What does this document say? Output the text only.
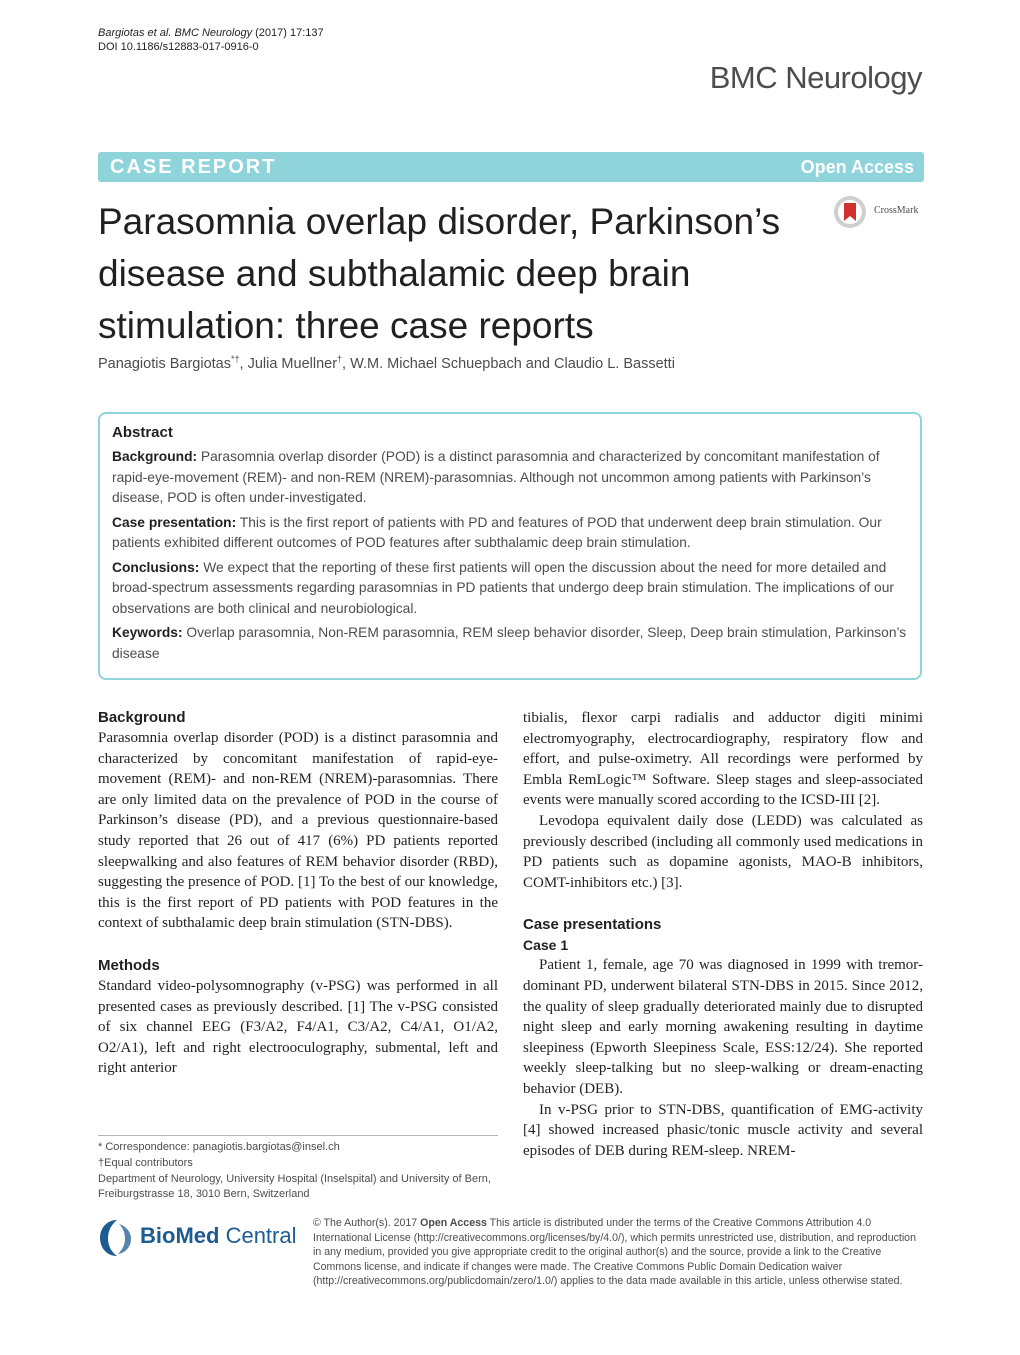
Bargiotas et al. BMC Neurology (2017) 17:137
DOI 10.1186/s12883-017-0916-0
BMC Neurology
CASE REPORT	Open Access
Parasomnia overlap disorder, Parkinson’s disease and subthalamic deep brain stimulation: three case reports
CrossMark
Panagiotis Bargiotas*†, Julia Muellner†, W.M. Michael Schuepbach and Claudio L. Bassetti
Abstract

Background: Parasomnia overlap disorder (POD) is a distinct parasomnia and characterized by concomitant manifestation of rapid-eye-movement (REM)- and non-REM (NREM)-parasomnias. Although not uncommon among patients with Parkinson’s disease, POD is often under-investigated.

Case presentation: This is the first report of patients with PD and features of POD that underwent deep brain stimulation. Our patients exhibited different outcomes of POD features after subthalamic deep brain stimulation.

Conclusions: We expect that the reporting of these first patients will open the discussion about the need for more detailed and broad-spectrum assessments regarding parasomnias in PD patients that undergo deep brain stimulation. The implications of our observations are both clinical and neurobiological.

Keywords: Overlap parasomnia, Non-REM parasomnia, REM sleep behavior disorder, Sleep, Deep brain stimulation, Parkinson’s disease

Background

Parasomnia overlap disorder (POD) is a distinct parasomnia and characterized by concomitant manifestation of rapid-eye-movement (REM)- and non-REM (NREM)-parasomnias. There are only limited data on the prevalence of POD in the course of Parkinson’s disease (PD), and a previous questionnaire-based study reported that 26 out of 417 (6%) PD patients reported sleepwalking and also features of REM behavior disorder (RBD), suggesting the presence of POD. [1] To the best of our knowledge, this is the first report of PD patients with POD features in the context of subthalamic deep brain stimulation (STN-DBS).

Methods

Standard video-polysomnography (v-PSG) was performed in all presented cases as previously described. [1] The v-PSG consisted of six channel EEG (F3/A2, F4/A1, C3/A2, C4/A1, O1/A2, O2/A1), left and right electrooculography, submental, left and right anterior

tibialis, flexor carpi radialis and adductor digiti minimi electromyography, electrocardiography, respiratory flow and effort, and pulse-oximetry. All recordings were performed by Embla RemLogic™ Software. Sleep stages and sleep-associated events were manually scored according to the ICSD-III [2].

Levodopa equivalent daily dose (LEDD) was calculated as previously described (including all commonly used medications in PD patients such as dopamine agonists, MAO-B inhibitors, COMT-inhibitors etc.) [3].

Case presentations
Case 1

Patient 1, female, age 70 was diagnosed in 1999 with tremor-dominant PD, underwent bilateral STN-DBS in 2015. Since 2012, the quality of sleep gradually deteriorated mainly due to disrupted night sleep and early morning awakening resulting in daytime sleepiness (Epworth Sleepiness Scale, ESS:12/24). She reported weekly sleep-talking but no sleep-walking or dream-enacting behavior (DEB).

In v-PSG prior to STN-DBS, quantification of EMG-activity [4] showed increased phasic/tonic muscle activity and several episodes of DEB during REM-sleep. NREM-

* Correspondence: panagiotis.bargiotas@insel.ch

†Equal contributors

Department of Neurology, University Hospital (Inselspital) and University of Bern, Freiburgstrasse 18, 3010 Bern, Switzerland

BioMed Central © The Author(s). 2017 Open Access This article is distributed under the terms of the Creative Commons Attribution 4.0 International License (http://creativecommons.org/licenses/by/4.0/), which permits unrestricted use, distribution, and reproduction in any medium, provided you give appropriate credit to the original author(s) and the source, provide a link to the Creative Commons license, and indicate if changes were made. The Creative Commons Public Domain Dedication waiver (http://creativecommons.org/publicdomain/zero/1.0/) applies to the data made available in this article, unless otherwise stated.
